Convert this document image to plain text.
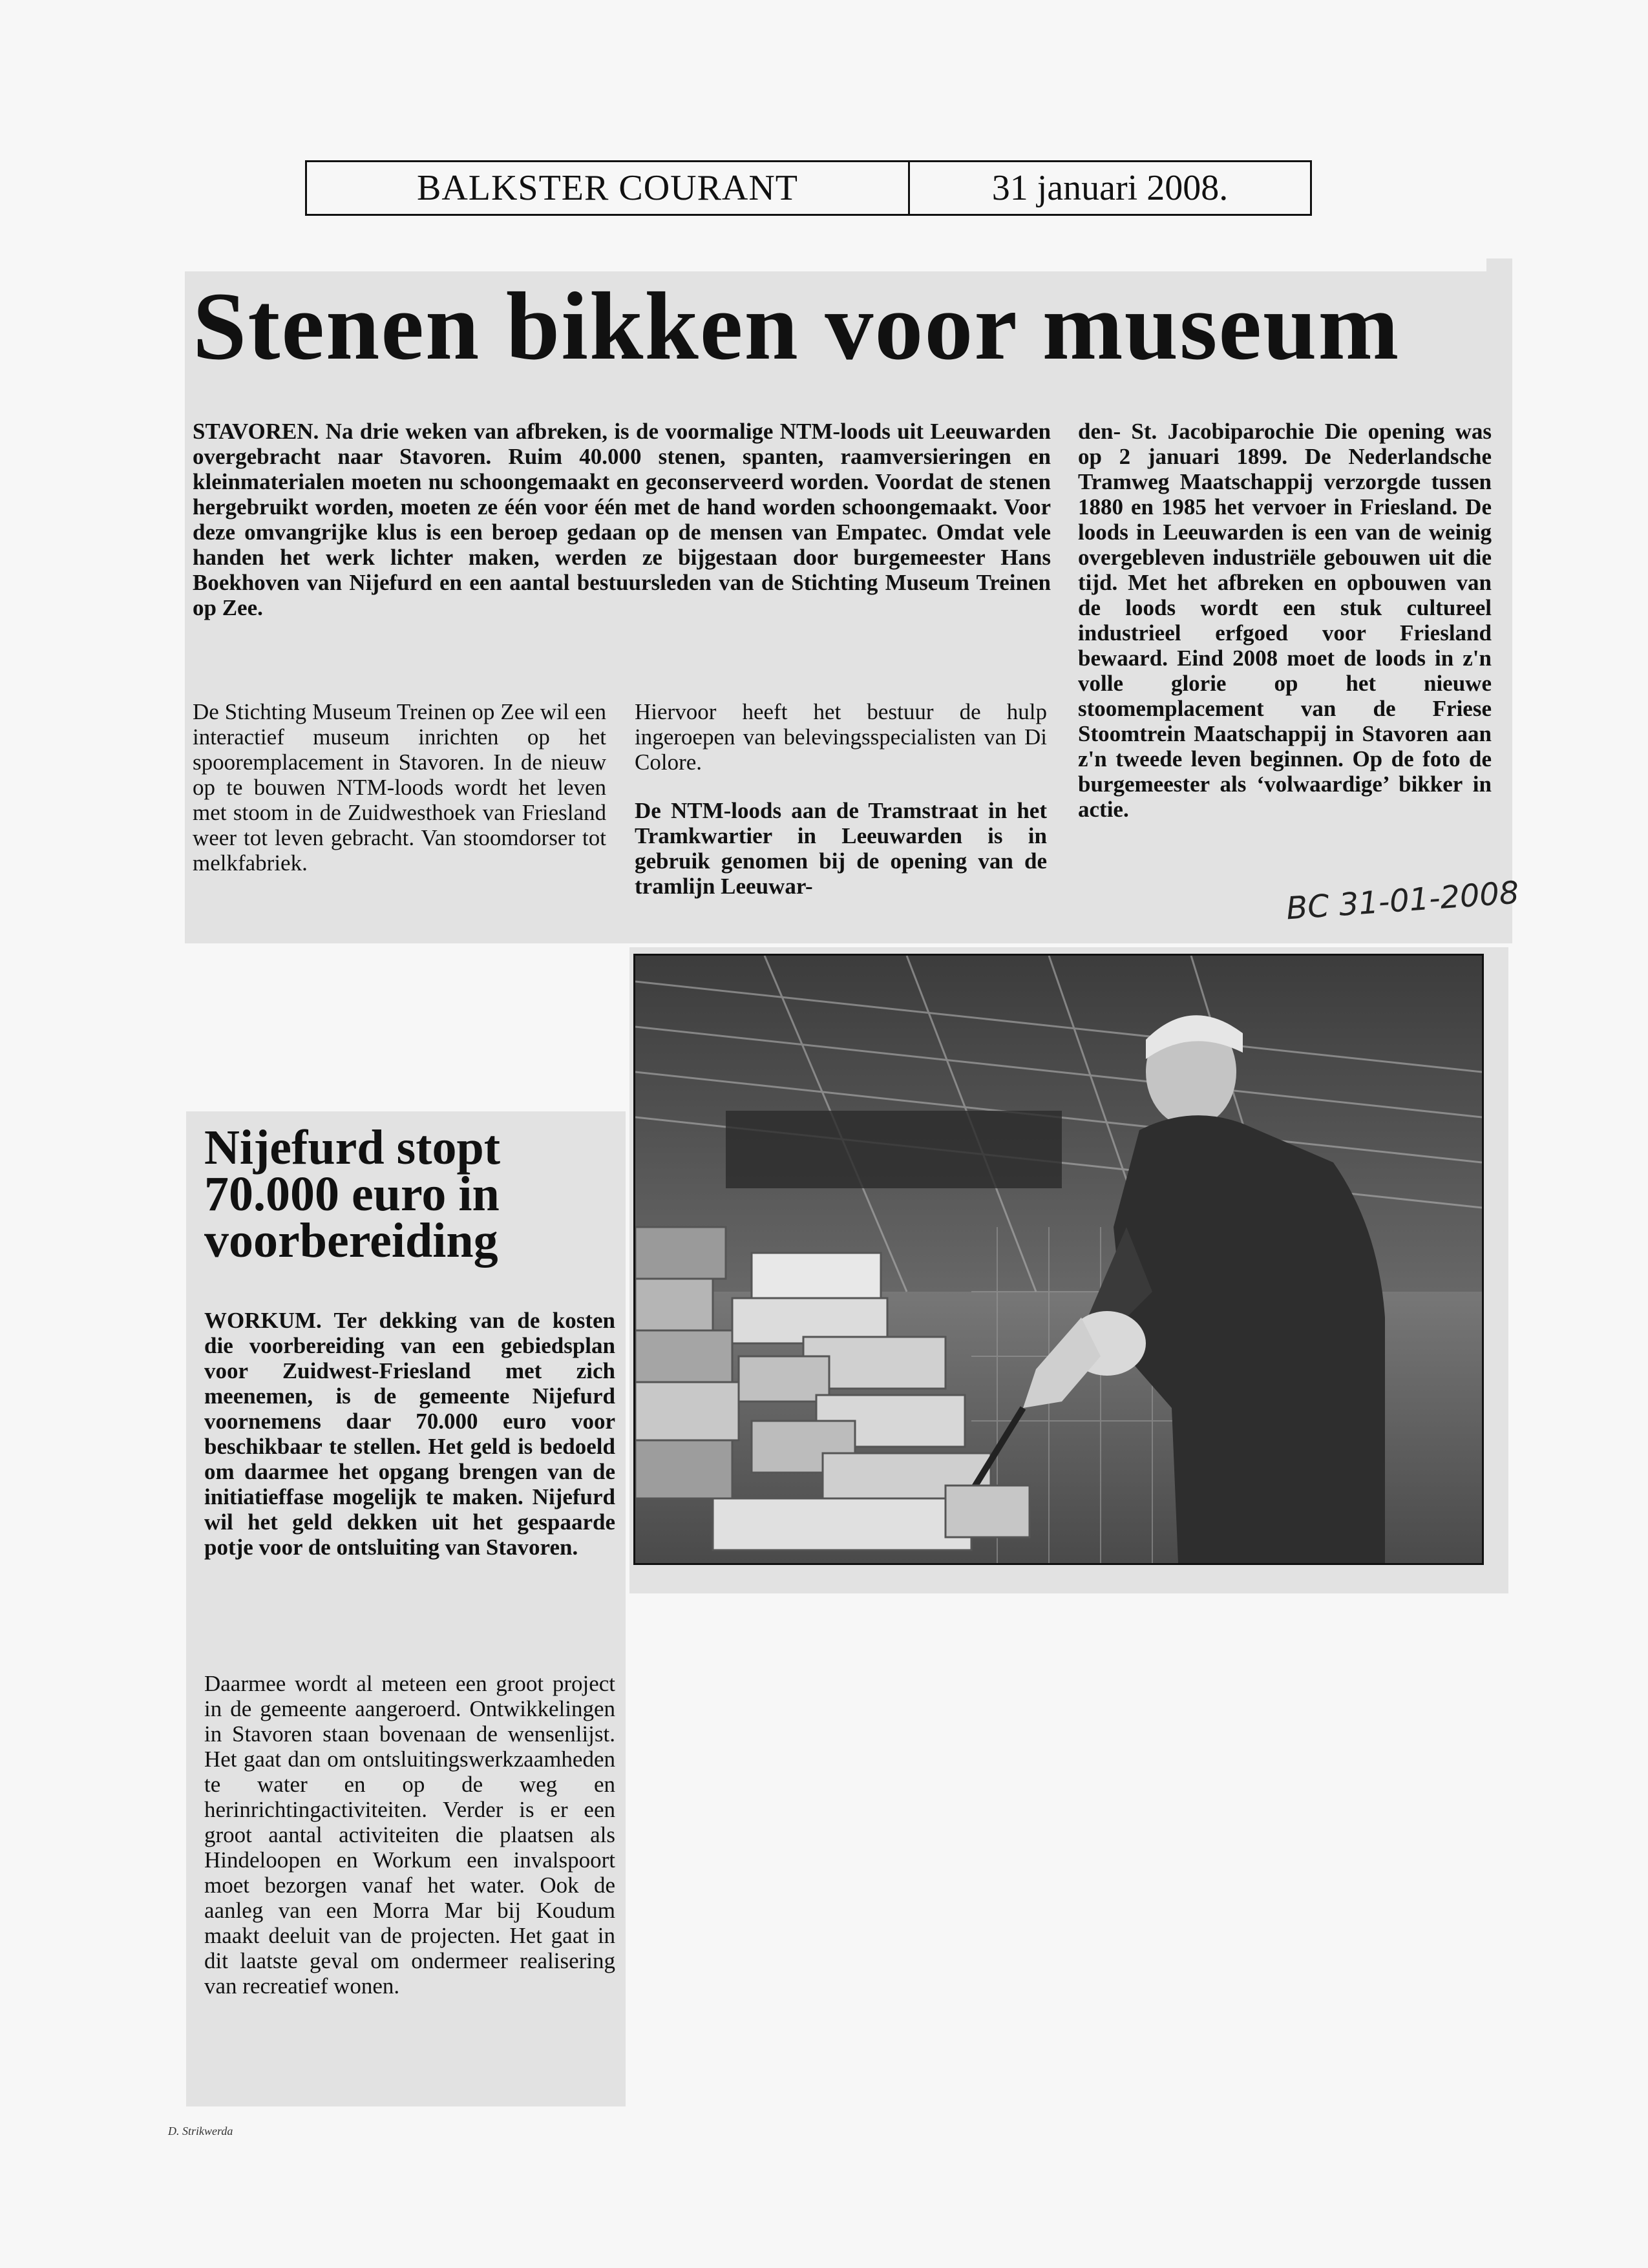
BALKSTER COURANT	31 januari 2008.
Stenen bikken voor museum

STAVOREN. Na drie weken van afbreken, is de voormalige NTM-loods uit Leeuwarden overgebracht naar Stavoren. Ruim 40.000 stenen, spanten, raamversieringen en kleinmaterialen moeten nu schoongemaakt en geconserveerd worden. Voordat de stenen hergebruikt worden, moeten ze één voor één met de hand worden schoongemaakt. Voor deze omvangrijke klus is een beroep gedaan op de mensen van Empatec. Omdat vele handen het werk lichter maken, werden ze bijgestaan door burgemeester Hans Boekhoven van Nijefurd en een aantal bestuursleden van de Stichting Museum Treinen op Zee.

De Stichting Museum Treinen op Zee wil een interactief museum inrichten op het spooremplacement in Stavoren. In de nieuw op te bouwen NTM-loods wordt het leven met stoom in de Zuidwesthoek van Friesland weer tot leven gebracht. Van stoomdorser tot melkfabriek.

Hiervoor heeft het bestuur de hulp ingeroepen van belevingsspecialisten van Di Colore.

De NTM-loods aan de Tramstraat in het Tramkwartier in Leeuwarden is in gebruik genomen bij de opening van de tramlijn Leeuwar-

den- St. Jacobiparochie Die opening was op 2 januari 1899. De Nederlandsche Tramweg Maatschappij verzorgde tussen 1880 en 1985 het vervoer in Friesland. De loods in Leeuwarden is een van de weinig overgebleven industriële gebouwen uit die tijd. Met het afbreken en opbouwen van de loods wordt een stuk cultureel industrieel erfgoed voor Friesland bewaard. Eind 2008 moet de loods in z'n volle glorie op het nieuwe stoomemplacement van de Friese Stoomtrein Maatschappij in Stavoren aan z'n tweede leven beginnen. Op de foto de burgemeester als ‘volwaardige’ bikker in actie.

BC 31-01-2008
Nijefurd stopt 70.000 euro in voorbereiding

WORKUM. Ter dekking van de kosten die voorbereiding van een gebiedsplan voor Zuidwest-Friesland met zich meenemen, is de gemeente Nijefurd voornemens daar 70.000 euro voor beschikbaar te stellen. Het geld is bedoeld om daarmee het opgang brengen van de initiatieffase mogelijk te maken. Nijefurd wil het geld dekken uit het gespaarde potje voor de ontsluiting van Stavoren.

Daarmee wordt al meteen een groot project in de gemeente aangeroerd. Ontwikkelingen in Stavoren staan bovenaan de wensenlijst. Het gaat dan om ontsluitingswerkzaamheden te water en op de weg en herinrichtingactiviteiten. Verder is er een groot aantal activiteiten die plaatsen als Hindeloopen en Workum een invalspoort moet bezorgen vanaf het water. Ook de aanleg van een Morra Mar bij Koudum maakt deeluit van de projecten. Het gaat in dit laatste geval om ondermeer realisering van recreatief wonen.

D. Strikwerda
